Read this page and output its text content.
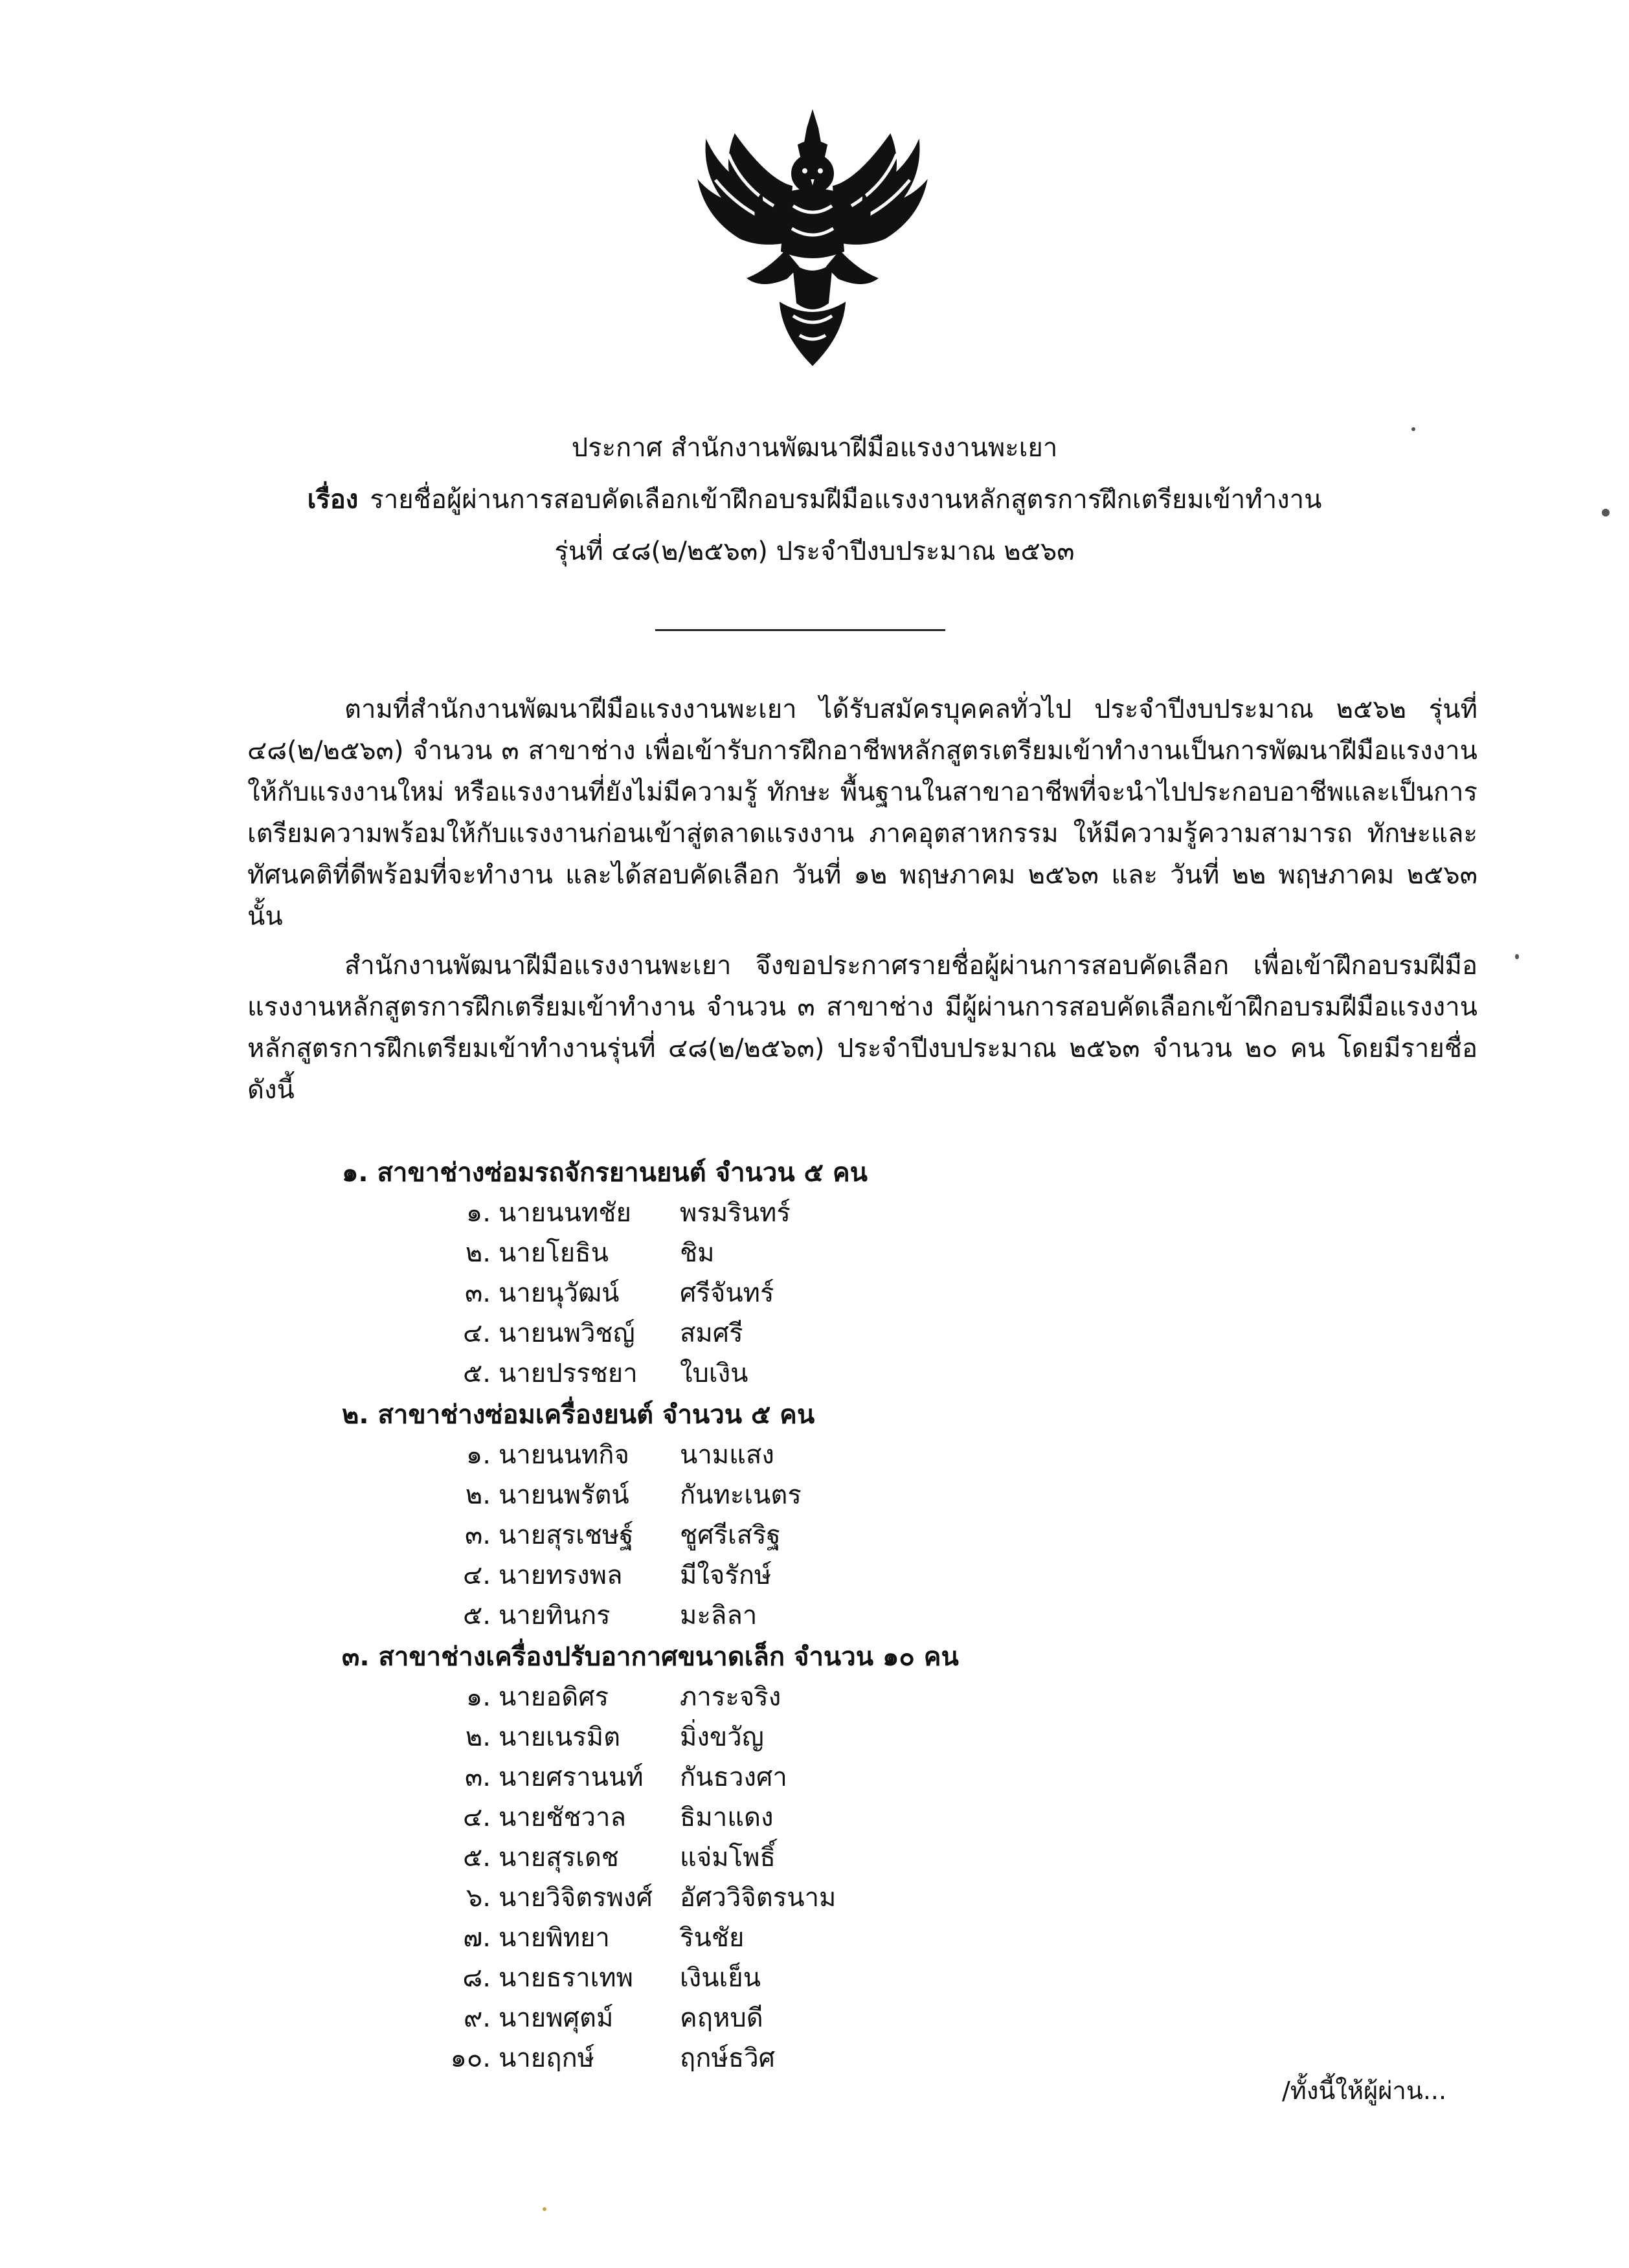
ประกาศ สำนักงานพัฒนาฝีมือแรงงานพะเยา
เรื่อง รายชื่อผู้ผ่านการสอบคัดเลือกเข้าฝึกอบรมฝีมือแรงงานหลักสูตรการฝึกเตรียมเข้าทำงาน
รุ่นที่ ๔๘(๒/๒๕๖๓) ประจำปีงบประมาณ ๒๕๖๓

ตามที่สำนักงานพัฒนาฝีมือแรงงานพะเยา ได้รับสมัครบุคคลทั่วไป ประจำปีงบประมาณ ๒๕๖๒ รุ่นที่ ๔๘(๒/๒๕๖๓) จำนวน ๓ สาขาช่าง เพื่อเข้ารับการฝึกอาชีพหลักสูตรเตรียมเข้าทำงานเป็นการพัฒนาฝีมือแรงงานให้กับแรงงานใหม่ หรือแรงงานที่ยังไม่มีความรู้ ทักษะ พื้นฐานในสาขาอาชีพที่จะนำไปประกอบอาชีพและเป็นการเตรียมความพร้อมให้กับแรงงานก่อนเข้าสู่ตลาดแรงงาน ภาคอุตสาหกรรม ให้มีความรู้ความสามารถ ทักษะและทัศนคติที่ดีพร้อมที่จะทำงาน และได้สอบคัดเลือก วันที่ ๑๒ พฤษภาคม ๒๕๖๓ และ วันที่ ๒๒ พฤษภาคม ๒๕๖๓ นั้น

สำนักงานพัฒนาฝีมือแรงงานพะเยา จึงขอประกาศรายชื่อผู้ผ่านการสอบคัดเลือก เพื่อเข้าฝึกอบรมฝีมือแรงงานหลักสูตรการฝึกเตรียมเข้าทำงาน จำนวน ๓ สาขาช่าง มีผู้ผ่านการสอบคัดเลือกเข้าฝึกอบรมฝีมือแรงงานหลักสูตรการฝึกเตรียมเข้าทำงานรุ่นที่ ๔๘(๒/๒๕๖๓) ประจำปีงบประมาณ ๒๕๖๓ จำนวน ๒๐ คน โดยมีรายชื่อดังนี้

๑. สาขาช่างซ่อมรถจักรยานยนต์ จำนวน ๕ คน
๑. นายนนทชัย พรมรินทร์
๒. นายโยธิน	ชิม
๓. นายนุวัฒน์ ศรีจันทร์
๔. นายนพวิชญ์ สมศรี
๕. นายปรรชยา ใบเงิน
๒. สาขาช่างซ่อมเครื่องยนต์ จำนวน ๕ คน
๑. นายนนทกิจ นามแสง
๒. นายนพรัตน์ กันทะเนตร
๓. นายสุรเชษฐ์ ชูศรีเสริฐ
๔. นายทรงพล มีใจรักษ์
๕. นายทินกร	มะลิลา
๓. สาขาช่างเครื่องปรับอากาศขนาดเล็ก จำนวน ๑๐ คน
๑. นายอดิศร	ภาระจริง
๒. นายเนรมิต มิ่งขวัญ
๓. นายศรานนท์ กันธวงศา
๔. นายชัชวาล ธิมาแดง
๕. นายสุรเดช แจ่มโพธิ์
๖. นายวิจิตรพงศ์ อัศววิจิตรนาม
๗. นายพิทยา	รินชัย
๘. นายธราเทพ เงินเย็น
๙. นายพศุตม์	คฤหบดี
๑๐. นายฤกษ์	ฤกษ์ธวิศ
/ทั้งนี้ให้ผู้ผ่าน...
